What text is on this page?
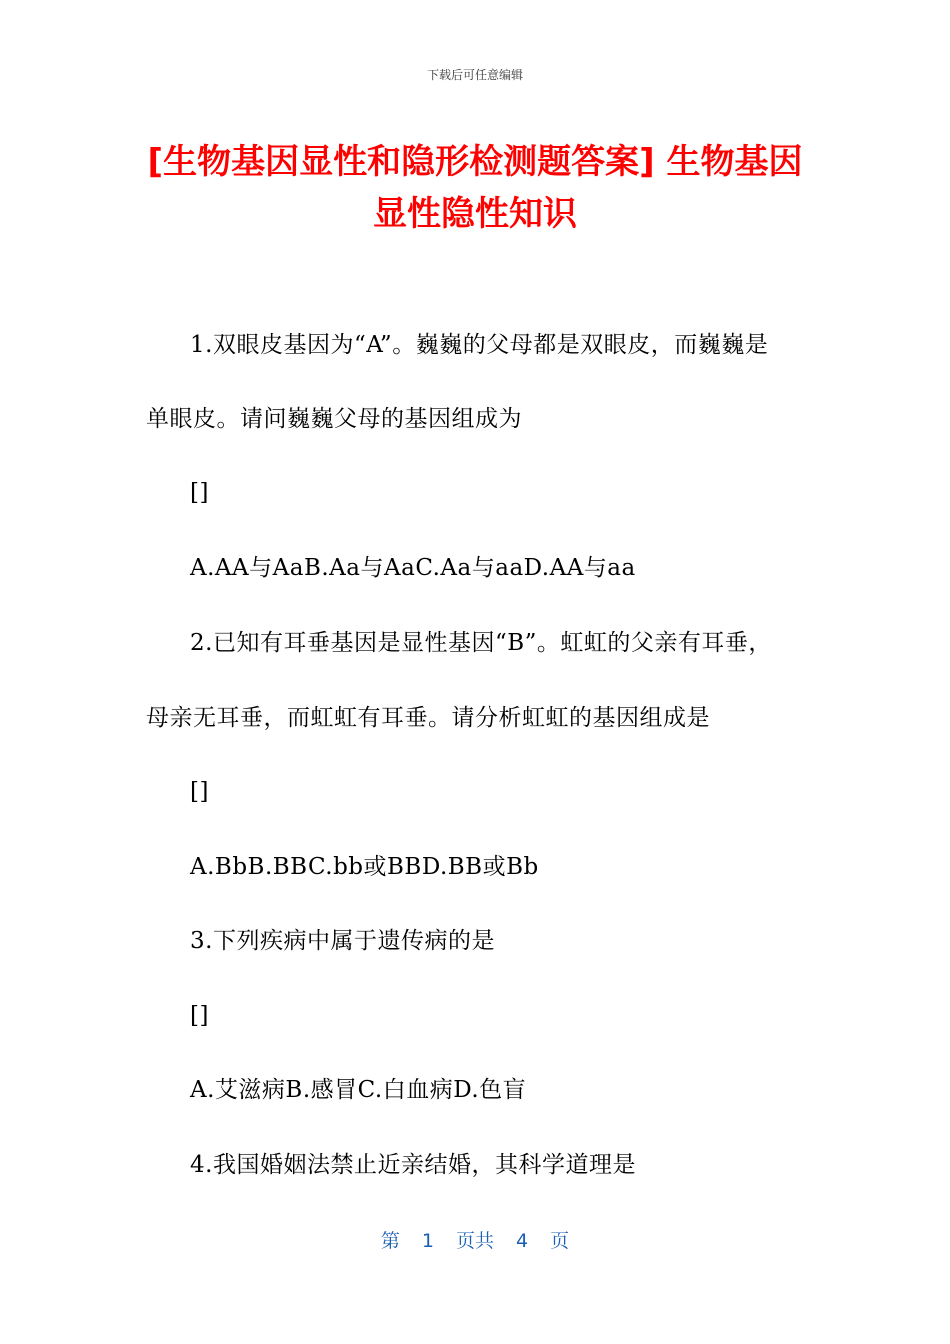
下载后可任意编辑
[生物基因显性和隐形检测题答案] 生物基因
显性隐性知识
1.双眼皮基因为“A”。巍巍的父母都是双眼皮，而巍巍是
单眼皮。请问巍巍父母的基因组成为
[]
A.AA与AaB.Aa与AaC.Aa与aaD.AA与aa
2.已知有耳垂基因是显性基因“B”。虹虹的父亲有耳垂，
母亲无耳垂，而虹虹有耳垂。请分析虹虹的基因组成是
[]
A.BbB.BBC.bb或BBD.BB或Bb
3.下列疾病中属于遗传病的是
[]
A.艾滋病B.感冒C.白血病D.色盲
4.我国婚姻法禁止近亲结婚，其科学道理是
第 1 页共 4 页
